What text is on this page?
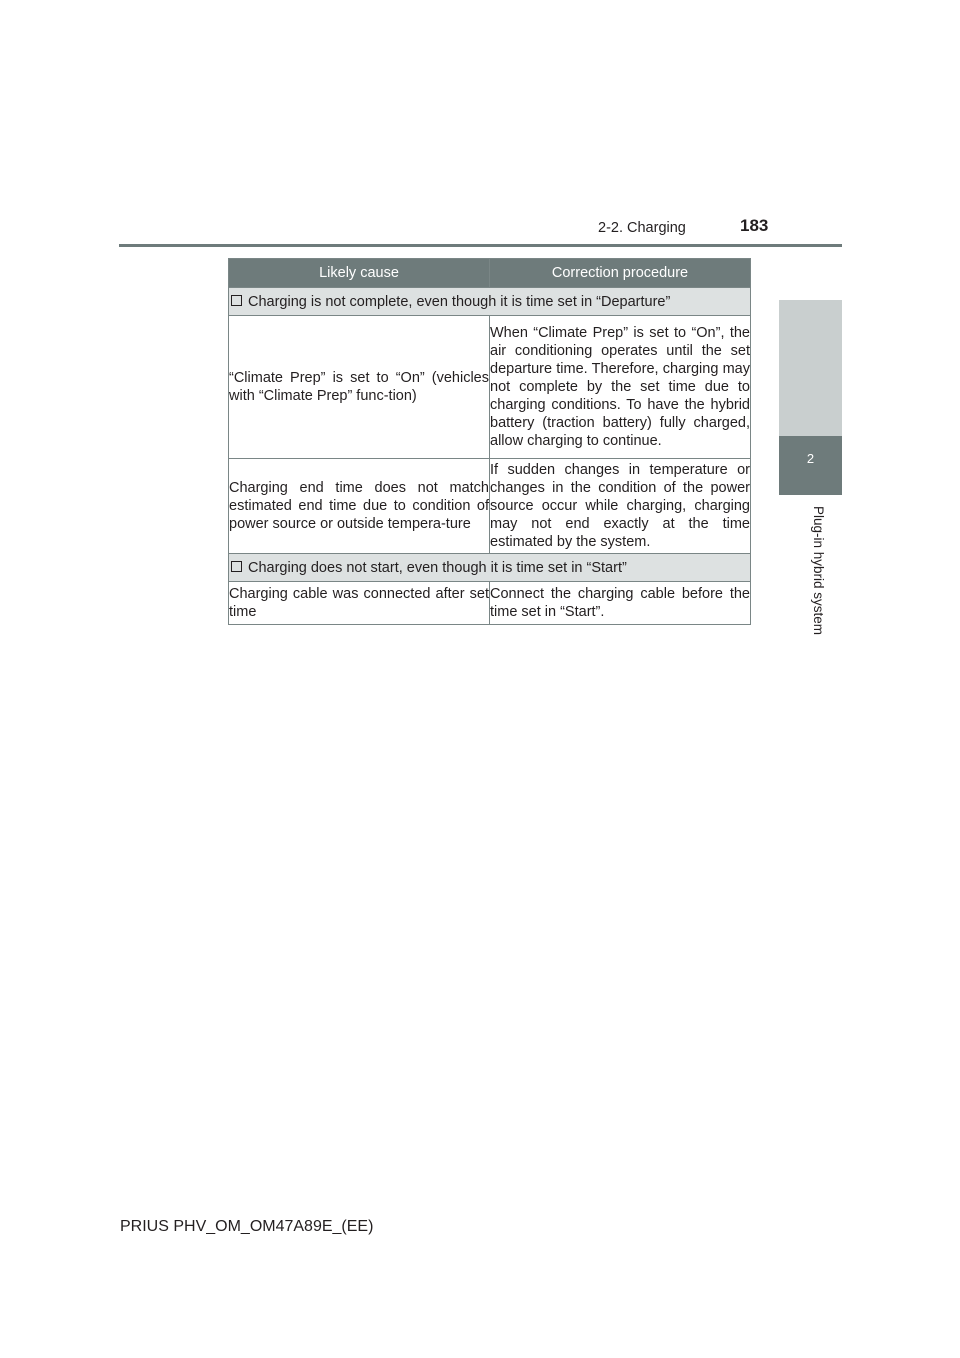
2-2. Charging	183
2
Plug-in hybrid system
Likely cause	Correction procedure
Charging is not complete, even though it is time set in “Departure”	
“Climate Prep” is set to “On” (vehicles with “Climate Prep” func-tion)	When “Climate Prep” is set to “On”, the air conditioning operates until the set departure time. Therefore, charging may not complete by the set time due to charging conditions. To have the hybrid battery (traction battery) fully charged, allow charging to continue.
Charging end time does not match estimated end time due to condition of power source or outside tempera-ture	If sudden changes in temperature or changes in the condition of the power source occur while charging, charging may not end exactly at the time estimated by the system.
Charging does not start, even though it is time set in “Start”	
Charging cable was connected after set time	Connect the charging cable before the time set in “Start”.
PRIUS PHV_OM_OM47A89E_(EE)
